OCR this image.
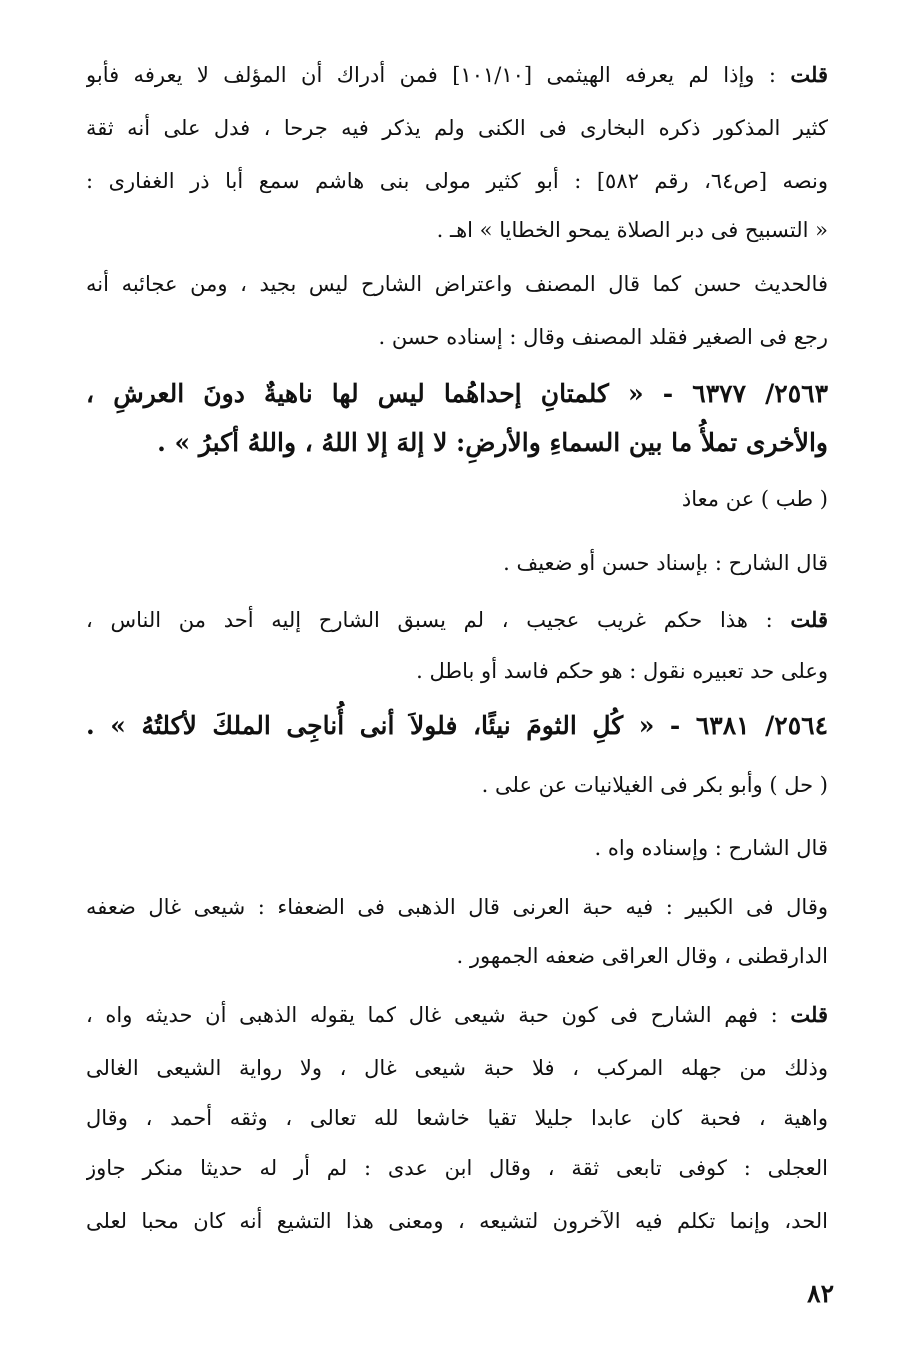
قلت : وإذا لم يعرفه الهيثمى [١٠١/١٠] فمن أدراك أن المؤلف لا يعرفه فأبو
كثير المذكور ذكره البخارى فى الكنى ولم يذكر فيه جرحا ، فدل على أنه ثقة
ونصه [ص٦٤، رقم ٥٨٢] : أبو كثير مولى بنى هاشم سمع أبا ذر الغفارى :
« التسبيح فى دبر الصلاة يمحو الخطايا » اهـ .
فالحديث حسن كما قال المصنف واعتراض الشارح ليس بجيد ، ومن عجائبه أنه
رجع فى الصغير فقلد المصنف وقال : إسناده حسن .
٢٥٦٣/ ٦٣٧٧ - « كلمتانِ إحداهُما ليس لها ناهيةٌ دونَ العرشِ ،
والأخرى تملأُ ما بين السماءِ والأرضِ: لا إلهَ إلا اللهُ ، واللهُ أكبرُ » .
( طب ) عن معاذ
قال الشارح : بإسناد حسن أو ضعيف .
قلت : هذا حكم غريب عجيب ، لم يسبق الشارح إليه أحد من الناس ،
وعلى حد تعبيره نقول : هو حكم فاسد أو باطل .
٢٥٦٤/ ٦٣٨١ - « كُلِ الثومَ نيئًا، فلولاَ أنى أُناجِى الملكَ لأكلتُهُ » .
( حل ) وأبو بكر فى الغيلانيات عن على .
قال الشارح : وإسناده واه .
وقال فى الكبير : فيه حبة العرنى قال الذهبى فى الضعفاء : شيعى غال ضعفه
الدارقطنى ، وقال العراقى ضعفه الجمهور .
قلت : فهم الشارح فى كون حبة شيعى غال كما يقوله الذهبى أن حديثه واه ،
وذلك من جهله المركب ، فلا حبة شيعى غال ، ولا رواية الشيعى الغالى
واهية ، فحبة كان عابدا جليلا تقيا خاشعا لله تعالى ، وثقه أحمد ، وقال
العجلى : كوفى تابعى ثقة ، وقال ابن عدى : لم أر له حديثا منكر جاوز
الحد، وإنما تكلم فيه الآخرون لتشيعه ، ومعنى هذا التشيع أنه كان محبا لعلى
٨٢
